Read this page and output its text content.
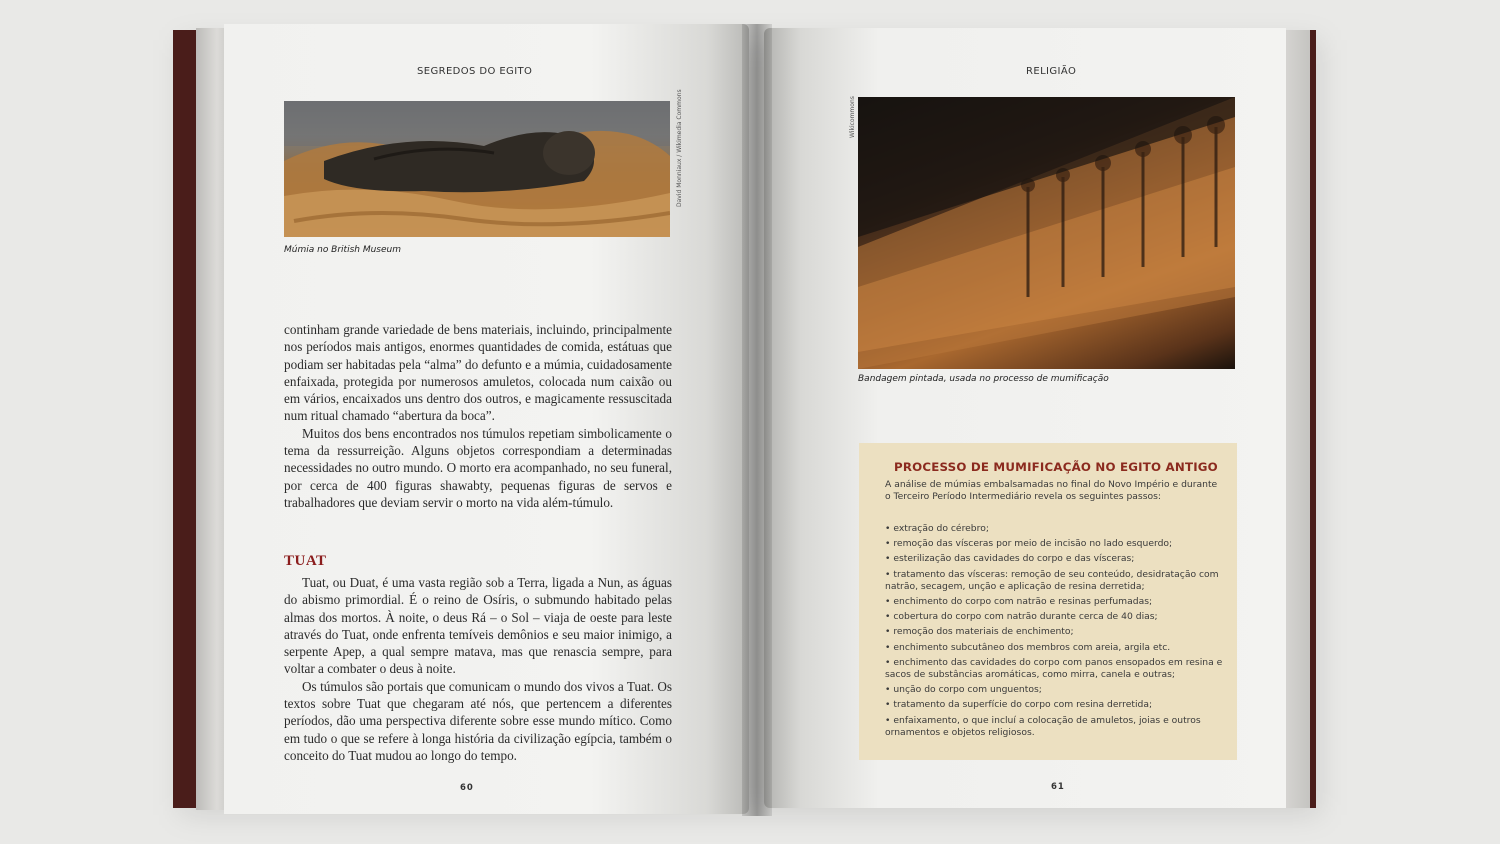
SEGREDOS DO EGITO
David Monniaux / Wikimedia Commons
Múmia no British Museum

continham grande variedade de bens materiais, incluindo, principalmente nos períodos mais antigos, enormes quantidades de comida, estátuas que podiam ser habitadas pela “alma” do defunto e a múmia, cuidadosamente enfaixada, protegida por numerosos amuletos, colocada num caixão ou em vários, encaixados uns dentro dos outros, e magicamente ressuscitada num ritual chamado “abertura da boca”.

Muitos dos bens encontrados nos túmulos repetiam simbolicamente o tema da ressurreição. Alguns objetos correspondiam a determinadas necessidades no outro mundo. O morto era acompanhado, no seu funeral, por cerca de 400 figuras shawabty, pequenas figuras de servos e trabalhadores que deviam servir o morto na vida além-túmulo.

TUAT

Tuat, ou Duat, é uma vasta região sob a Terra, ligada a Nun, as águas do abismo primordial. É o reino de Osíris, o submundo habitado pelas almas dos mortos. À noite, o deus Rá – o Sol – viaja de oeste para leste através do Tuat, onde enfrenta temíveis demônios e seu maior inimigo, a serpente Apep, a qual sempre matava, mas que renascia sempre, para voltar a combater o deus à noite.

Os túmulos são portais que comunicam o mundo dos vivos a Tuat. Os textos sobre Tuat que chegaram até nós, que pertencem a diferentes períodos, dão uma perspectiva diferente sobre esse mundo mítico. Como em tudo o que se refere à longa história da civilização egípcia, também o conceito do Tuat mudou ao longo do tempo.

60
RELIGIÃO
Wikicommons
Bandagem pintada, usada no processo de mumificação
PROCESSO DE MUMIFICAÇÃO NO EGITO ANTIGO
A análise de múmias embalsamadas no final do Novo Império e durante o Terceiro Período Intermediário revela os seguintes passos:
• extração do cérebro;
• remoção das vísceras por meio de incisão no lado esquerdo;
• esterilização das cavidades do corpo e das vísceras;
• tratamento das vísceras: remoção de seu conteúdo, desidratação com natrão, secagem, unção e aplicação de resina derretida;
• enchimento do corpo com natrão e resinas perfumadas;
• cobertura do corpo com natrão durante cerca de 40 dias;
• remoção dos materiais de enchimento;
• enchimento subcutâneo dos membros com areia, argila etc.
• enchimento das cavidades do corpo com panos ensopados em resina e sacos de substâncias aromáticas, como mirra, canela e outras;
• unção do corpo com unguentos;
• tratamento da superfície do corpo com resina derretida;
• enfaixamento, o que incluí a colocação de amuletos, joias e outros ornamentos e objetos religiosos.
61
